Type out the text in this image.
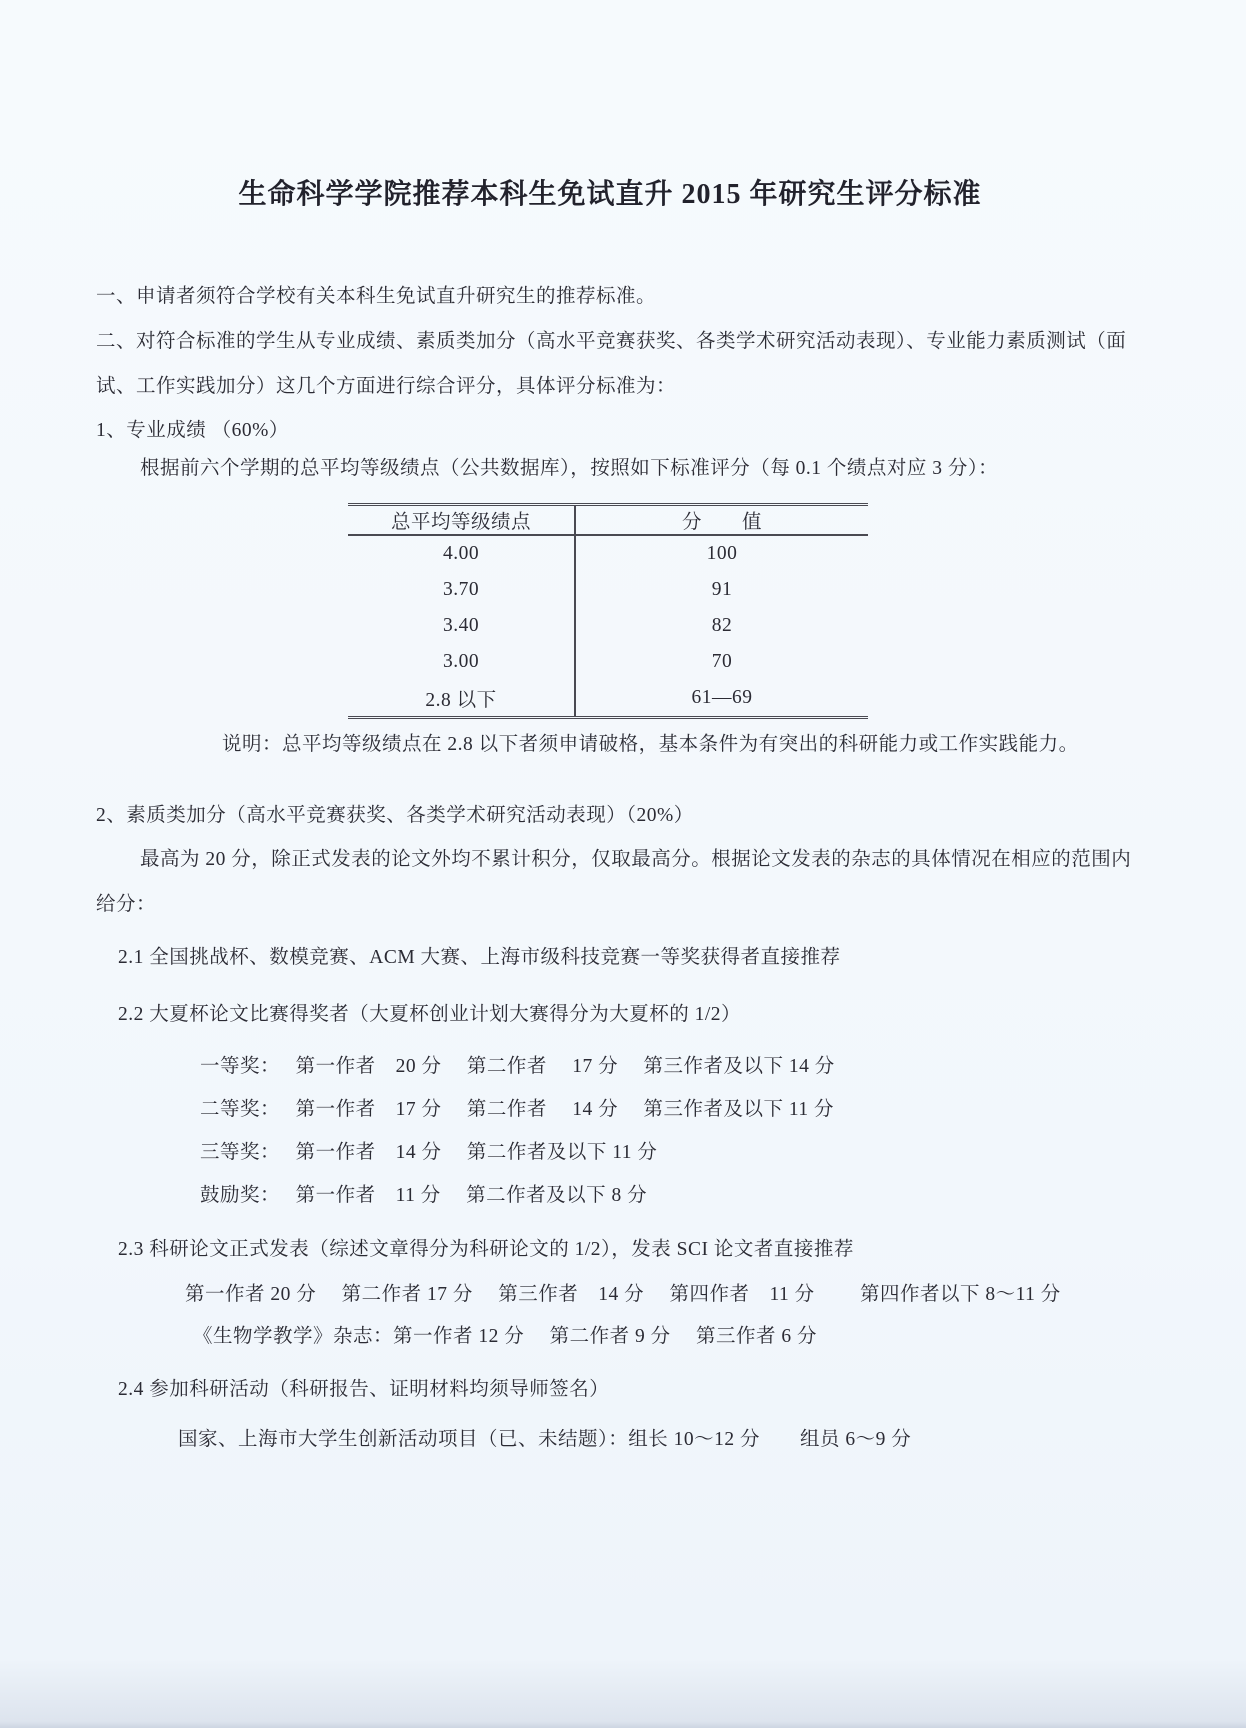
生命科学学院推荐本科生免试直升 2015 年研究生评分标准
一、申请者须符合学校有关本科生免试直升研究生的推荐标准。
二、对符合标准的学生从专业成绩、素质类加分（高水平竞赛获奖、各类学术研究活动表现）、专业能力素质测试（面
试、工作实践加分）这几个方面进行综合评分，具体评分标准为：
1、专业成绩 （60%）
根据前六个学期的总平均等级绩点（公共数据库），按照如下标准评分（每 0.1 个绩点对应 3 分）：
总平均等级绩点	分　　值
4.00	100
3.70	91
3.40	82
3.00	70
2.8 以下	61—69
说明：总平均等级绩点在 2.8 以下者须申请破格，基本条件为有突出的科研能力或工作实践能力。
2、素质类加分（高水平竞赛获奖、各类学术研究活动表现）（20%）
最高为 20 分，除正式发表的论文外均不累计积分，仅取最高分。根据论文发表的杂志的具体情况在相应的范围内
给分：
2.1 全国挑战杯、数模竞赛、ACM 大赛、上海市级科技竞赛一等奖获得者直接推荐
2.2 大夏杯论文比赛得奖者（大夏杯创业计划大赛得分为大夏杯的 1/2）
一等奖：　 第一作者　20 分　 第二作者　 17 分　 第三作者及以下 14 分
二等奖：　 第一作者　17 分　 第二作者　 14 分　 第三作者及以下 11 分
三等奖：　 第一作者　14 分　 第二作者及以下 11 分
鼓励奖：　 第一作者　11 分　 第二作者及以下 8 分
2.3 科研论文正式发表（综述文章得分为科研论文的 1/2），发表 SCI 论文者直接推荐
第一作者 20 分　 第二作者 17 分　 第三作者　14 分　 第四作者　11 分　　 第四作者以下 8～11 分
《生物学教学》杂志：第一作者 12 分　 第二作者 9 分　 第三作者 6 分
2.4 参加科研活动（科研报告、证明材料均须导师签名）
国家、上海市大学生创新活动项目（已、未结题）：组长 10～12 分　　组员 6～9 分
